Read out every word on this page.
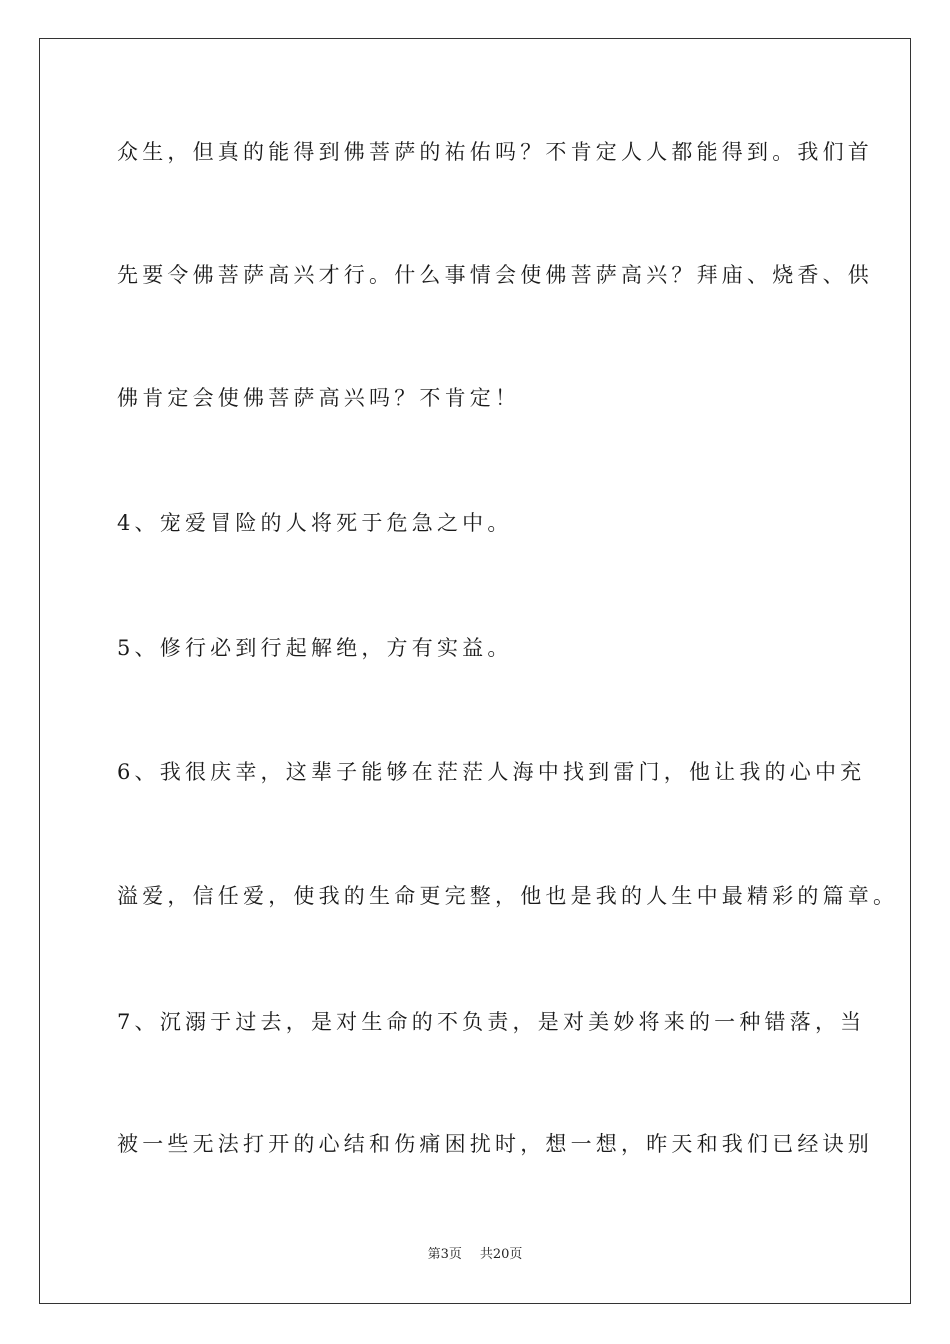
众生，但真的能得到佛菩萨的祐佑吗？不肯定人人都能得到。我们首
先要令佛菩萨高兴才行。什么事情会使佛菩萨高兴？拜庙、烧香、供
佛肯定会使佛菩萨高兴吗？不肯定！
4、宠爱冒险的人将死于危急之中。
5、修行必到行起解绝，方有实益。
6、我很庆幸，这辈子能够在茫茫人海中找到雷门，他让我的心中充
溢爱，信任爱，使我的生命更完整，他也是我的人生中最精彩的篇章。
7、沉溺于过去，是对生命的不负责，是对美妙将来的一种错落，当
被一些无法打开的心结和伤痛困扰时，想一想，昨天和我们已经诀别
第3页 共20页
